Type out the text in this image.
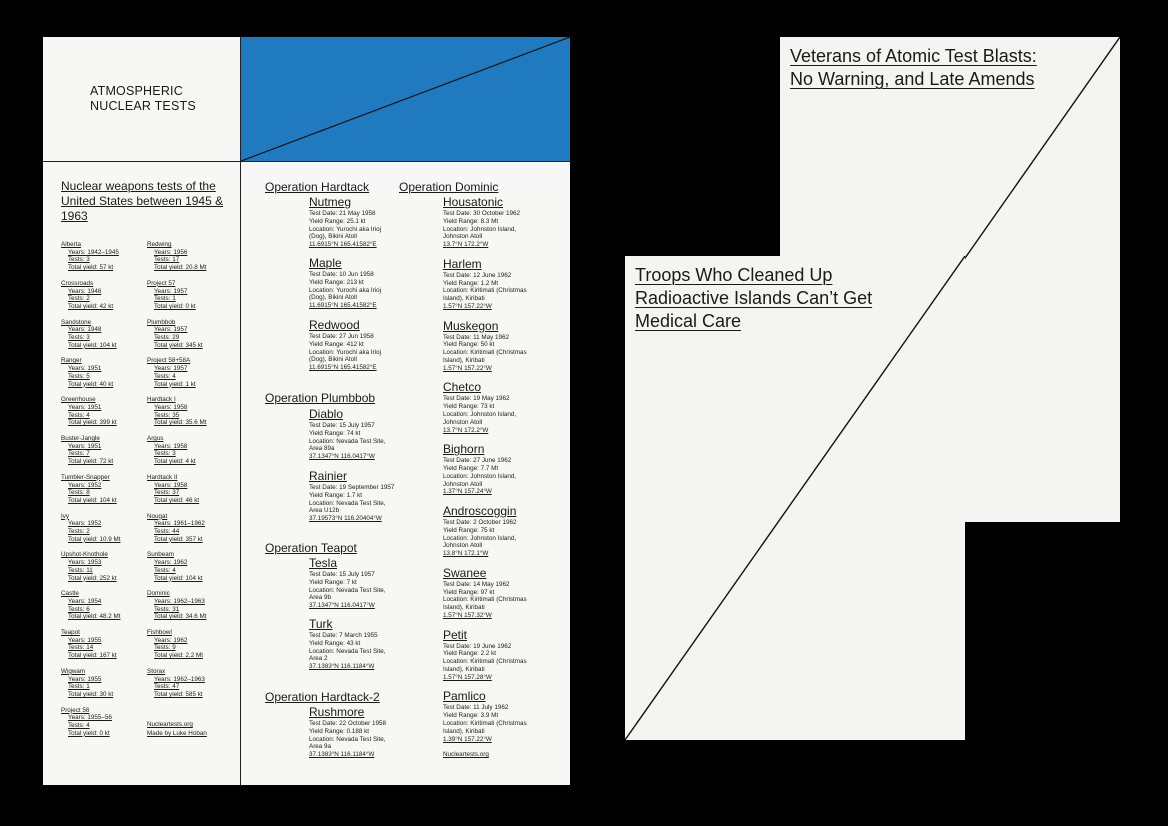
ATMOSPHERIC
NUCLEAR TESTS
Nuclear weapons tests of the United States between 1945 & 1963
Alberta
Years: 1942–1945
Tests: 3
Total yield: 57 kt
Crossroads
Years: 1946
Tests: 2
Total yield: 42 kt
Sandstone
Years: 1948
Tests: 3
Total yield: 104 kt
Ranger
Years: 1951
Tests: 5
Total yield: 40 kt
Greenhouse
Years: 1951
Tests: 4
Total yield: 399 kt
Buster-Jangle
Years: 1951
Tests: 7
Total yield: 72 kt
Tumbler-Snapper
Years: 1952
Tests: 8
Total yield: 104 kt
Ivy
Years: 1952
Tests: 2
Total yield: 10.9 Mt
Upshot-Knothole
Years: 1953
Tests: 11
Total yield: 252 kt
Castle
Years: 1954
Tests: 6
Total yield: 48.2 Mt
Teapot
Years: 1955
Tests: 14
Total yield: 167 kt
Wigwam
Years: 1955
Tests: 1
Total yield: 30 kt
Project 56
Years: 1955–56
Tests: 4
Total yield: 0 kt
Redwing
Years: 1956
Tests: 17
Total yield: 20.8 Mt
Project 57
Years: 1957
Tests: 1
Total yield: 0 kt
Plumbbob
Years: 1957
Tests: 29
Total yield: 345 kt
Project 58+58A
Years: 1957
Tests: 4
Total yield: 1 kt
Hardtack I
Years: 1958
Tests: 35
Total yield: 35.6 Mt
Argus
Years: 1958
Tests: 3
Total yield: 4 kt
Hardtack II
Years: 1958
Tests: 37
Total yield: 46 kt
Nougat
Years: 1961–1962
Tests: 44
Total yield: 357 kt
Sunbeam
Years: 1962
Tests: 4
Total yield: 104 kt
Dominic
Years: 1962–1963
Tests: 31
Total yield: 34.6 Mt
Fishbowl
Years: 1962
Tests: 9
Total yield: 2.2 Mt
Storax
Years: 1962–1963
Tests: 47
Total yield: 585 kt
Nucleartests.org
Made by Luke Hoban
Operation Hardtack
Nutmeg
Test Date: 21 May 1958
Yield Range: 25.1 kt
Location: Yurochi aka Irioj
(Dog), Bikini Atoll
11.6915°N 165.41582°E
Maple
Test Date: 10 Jun 1958
Yield Range: 213 kt
Location: Yurochi aka Irioj
(Dog), Bikini Atoll
11.6915°N 165.41582°E
Redwood
Test Date: 27 Jun 1958
Yield Range: 412 kt
Location: Yurochi aka Irioj
(Dog), Bikini Atoll
11.6915°N 165.41582°E
Operation Plumbbob
Diablo
Test Date: 15 July 1957
Yield Range: 74 kt
Location: Nevada Test Site,
Area 89a
37.1347°N 116.0417°W
Rainier
Test Date: 19 September 1957
Yield Range: 1.7 kt
Location: Nevada Test Site,
Area U12b
37.19573°N 116.20404°W
Operation Teapot
Tesla
Test Date: 15 July 1957
Yield Range: 7 kt
Location: Nevada Test Site,
Area 9b
37.1347°N 116.0417°W
Turk
Test Date: 7 March 1955
Yield Range: 43 kt
Location: Nevada Test Site,
Area 2
37.1383°N 116.1184°W
Operation Hardtack-2
Rushmore
Test Date: 22 October 1958
Yield Range: 0.188 kt
Location: Nevada Test Site,
Area 9a
37.1383°N 116.1184°W
Operation Dominic
Housatonic
Test Date: 30 October 1962
Yield Range: 8.3 Mt
Location: Johnston Island,
Johnston Atoll
13.7°N 172.2°W
Harlem
Test Date: 12 June 1962
Yield Range: 1.2 Mt
Location: Kiritimati (Christmas
Island), Kiribati
1.57°N 157.22°W
Muskegon
Test Date: 11 May 1962
Yield Range: 50 kt
Location: Kiritimati (Christmas
Island), Kiribati
1.57°N 157.22°W
Chetco
Test Date: 19 May 1962
Yield Range: 73 kt
Location: Johnston Island,
Johnston Atoll
13.7°N 172.2°W
Bighorn
Test Date: 27 June 1962
Yield Range: 7.7 Mt
Location: Johnston Island,
Johnston Atoll
1.37°N 157.24°W
Androscoggin
Test Date: 2 October 1962
Yield Range: 75 kt
Location: Johnston Island,
Johnston Atoll
13.8°N 172.1°W
Swanee
Test Date: 14 May 1962
Yield Range: 97 kt
Location: Kiritimati (Christmas
Island), Kiribati
1.57°N 157.32°W
Petit
Test Date: 19 June 1962
Yield Range: 2.2 kt
Location: Kiritimati (Christmas
Island), Kiribati
1.57°N 157.28°W
Pamlico
Test Date: 11 July 1962
Yield Range: 3.9 Mt
Location: Kiritimati (Christmas
Island), Kiribati
1.39°N 157.22°W
Nucleartests.org
Veterans of Atomic Test Blasts: No Warning, and Late Amends
Troops Who Cleaned Up Radioactive Islands Can’t Get Medical Care
